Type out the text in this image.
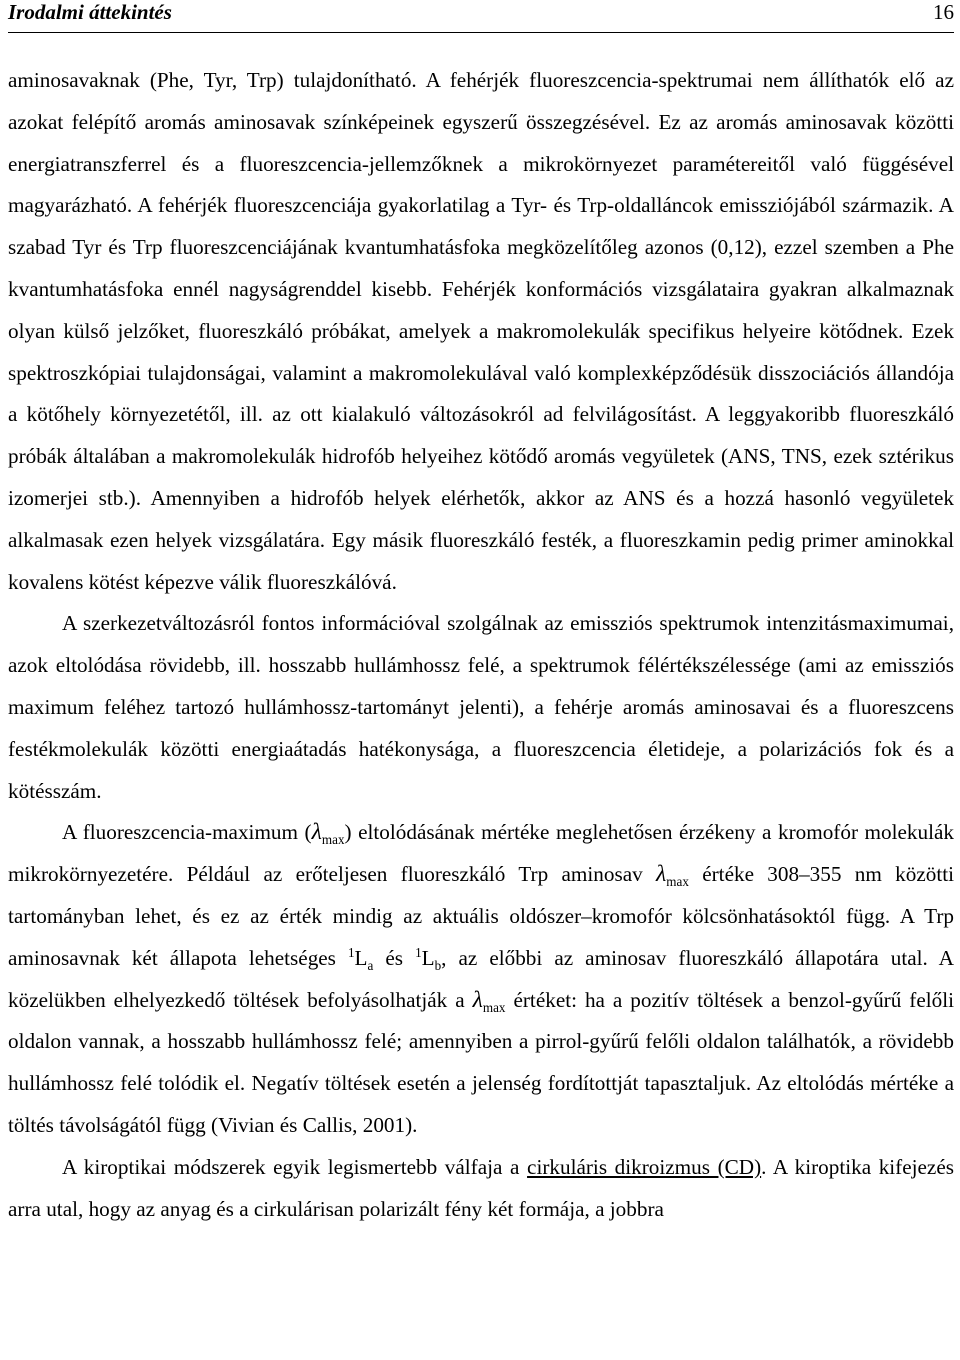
Irodalmi áttekintés	16

aminosavaknak (Phe, Tyr, Trp) tulajdonítható. A fehérjék fluoreszcencia-spektrumai nem állíthatók elő az azokat felépítő aromás aminosavak színképeinek egyszerű összegzésével. Ez az aromás aminosavak közötti energiatranszferrel és a fluoreszcencia-jellemzőknek a mikrokörnyezet paramétereitől való függésével magyarázható. A fehérjék fluoreszcenciája gyakorlatilag a Tyr- és Trp-oldalláncok emissziójából származik. A szabad Tyr és Trp fluoreszcenciájának kvantumhatásfoka megközelítőleg azonos (0,12), ezzel szemben a Phe kvantumhatásfoka ennél nagyságrenddel kisebb. Fehérjék konformációs vizsgálataira gyakran alkalmaznak olyan külső jelzőket, fluoreszkáló próbákat, amelyek a makromolekulák specifikus helyeire kötődnek. Ezek spektroszkópiai tulajdonságai, valamint a makromolekulával való komplexképződésük disszociációs állandója a kötőhely környezetétől, ill. az ott kialakuló változásokról ad felvilágosítást. A leggyakoribb fluoreszkáló próbák általában a makromolekulák hidrofób helyeihez kötődő aromás vegyületek (ANS, TNS, ezek sztérikus izomerjei stb.). Amennyiben a hidrofób helyek elérhetők, akkor az ANS és a hozzá hasonló vegyületek alkalmasak ezen helyek vizsgálatára. Egy másik fluoreszkáló festék, a fluoreszkamin pedig primer aminokkal kovalens kötést képezve válik fluoreszkálóvá.

A szerkezetváltozásról fontos információval szolgálnak az emissziós spektrumok intenzitásmaximumai, azok eltolódása rövidebb, ill. hosszabb hullámhossz felé, a spektrumok félértékszélessége (ami az emissziós maximum feléhez tartozó hullámhossz-tartományt jelenti), a fehérje aromás aminosavai és a fluoreszcens festékmolekulák közötti energiaátadás hatékonysága, a fluoreszcencia életideje, a polarizációs fok és a kötésszám.

A fluoreszcencia-maximum $(\lambda_{max})$ eltolódásának mértéke meglehetősen érzékeny a kromofór molekulák mikrokörnyezetére. Például az erőteljesen fluoreszkáló Trp aminosav $\lambda_{max}$ értéke 308–355 nm közötti tartományban lehet, és ez az érték mindig az aktuális oldószer–kromofór kölcsönhatásoktól függ. A Trp aminosavnak két állapota lehetséges $^1L_a$ és $^1L_b$, az előbbi az aminosav fluoreszkáló állapotára utal. A közelükben elhelyezkedő töltések befolyásolhatják a $\lambda_{max}$ értéket: ha a pozitív töltések a benzol-gyűrű felőli oldalon vannak, a hosszabb hullámhossz felé; amennyiben a pirrol-gyűrű felőli oldalon találhatók, a rövidebb hullámhossz felé tolódik el. Negatív töltések esetén a jelenség fordítottját tapasztaljuk. Az eltolódás mértéke a töltés távolságától függ (Vivian és Callis, 2001).

A kiroptikai módszerek egyik legismertebb válfaja a cirkuláris dikroizmus (CD). A kiroptika kifejezés arra utal, hogy az anyag és a cirkulárisan polarizált fény két formája, a jobbra
